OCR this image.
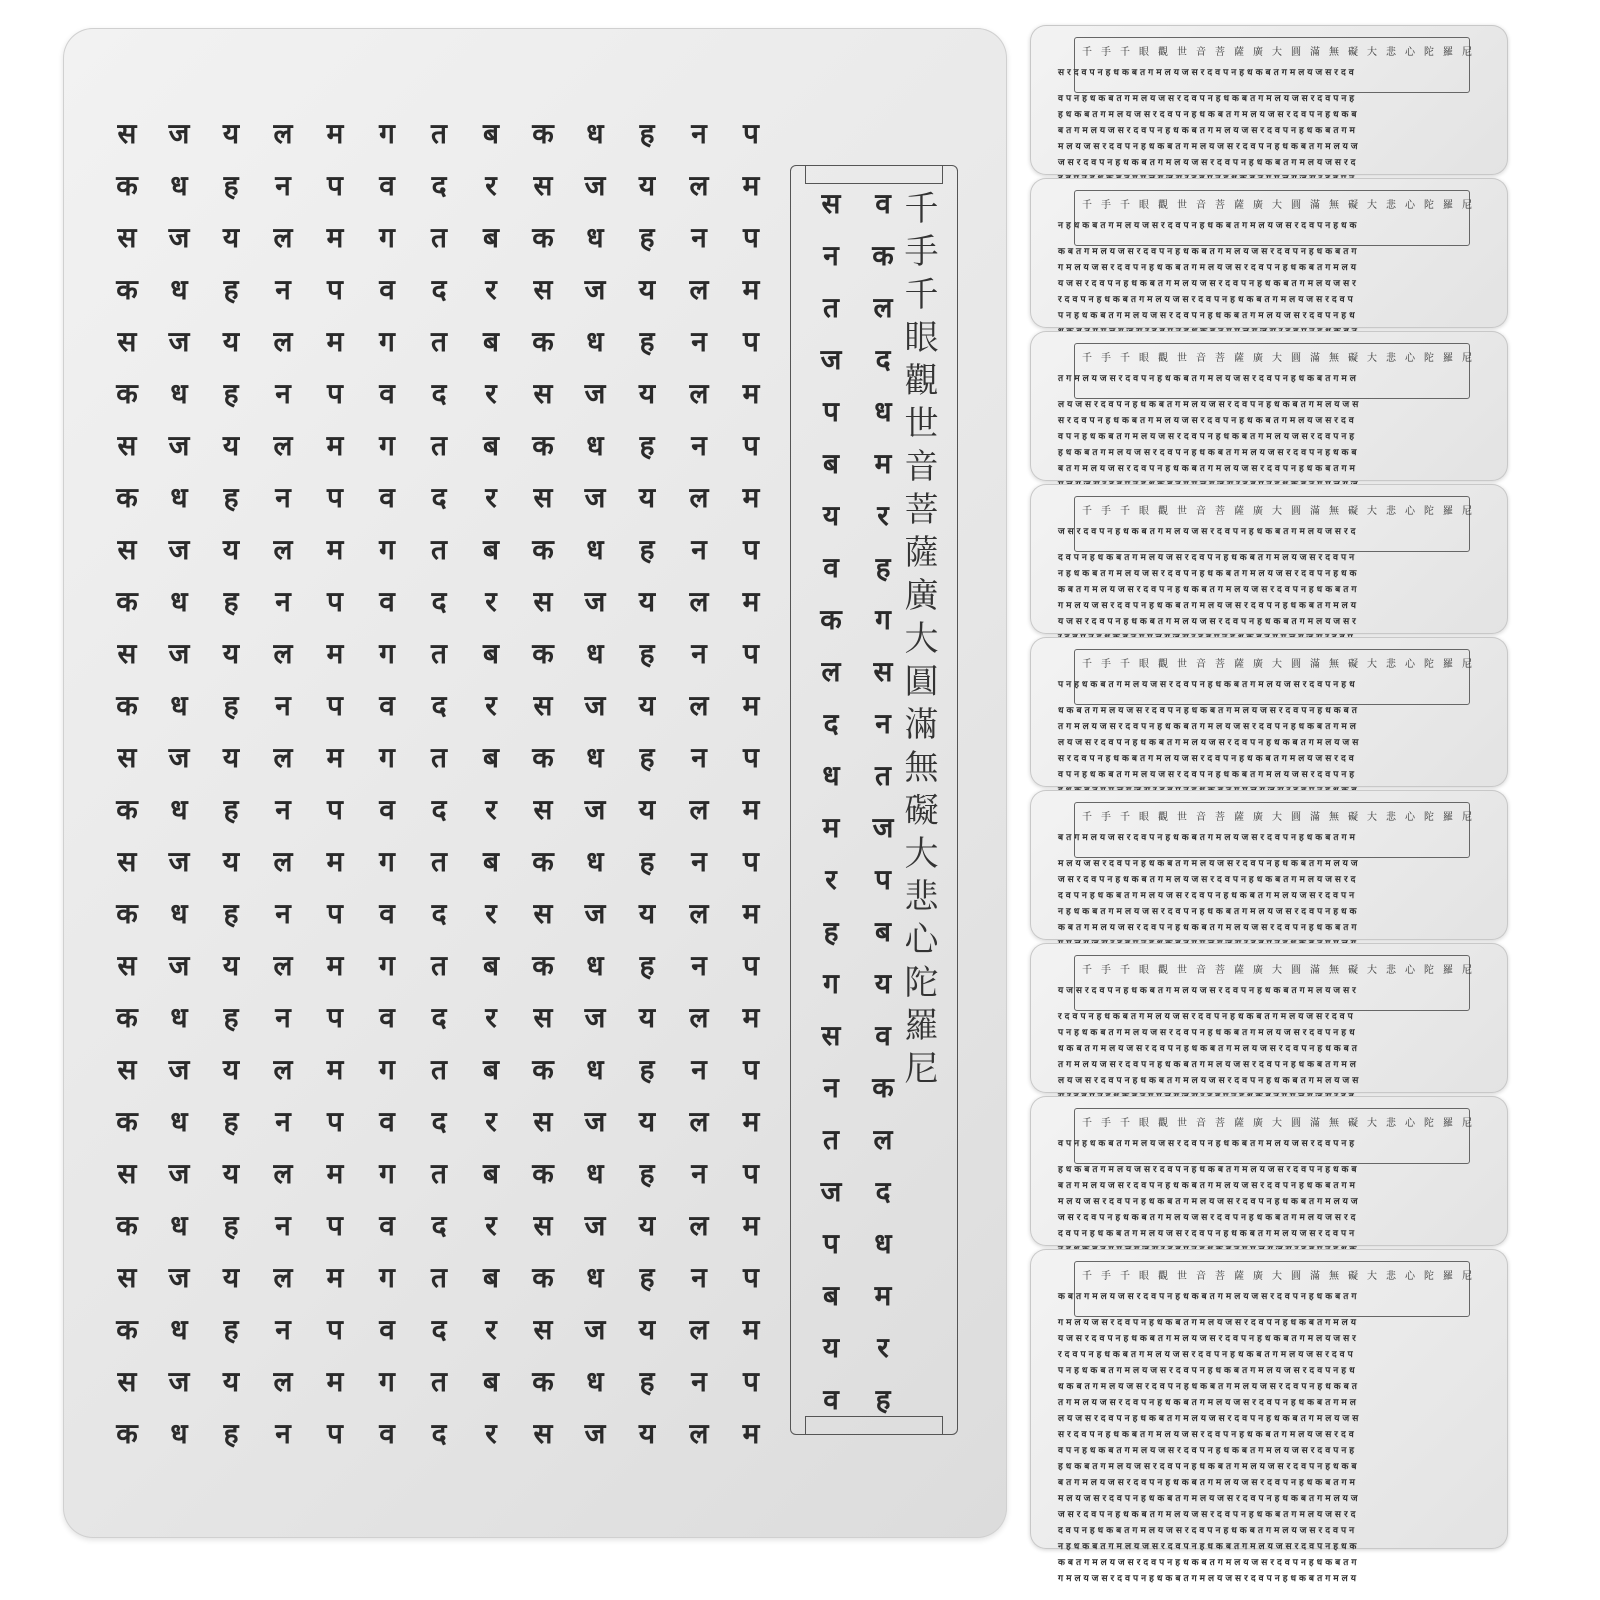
स
क
स
क
स
क
स
क
स
क
स
क
स
क
स
क
स
क
स
क
स
क
स
क
स
क
ज
ध
ज
ध
ज
ध
ज
ध
ज
ध
ज
ध
ज
ध
ज
ध
ज
ध
ज
ध
ज
ध
ज
ध
ज
ध
य
ह
य
ह
य
ह
य
ह
य
ह
य
ह
य
ह
य
ह
य
ह
य
ह
य
ह
य
ह
य
ह
ल
न
ल
न
ल
न
ल
न
ल
न
ल
न
ल
न
ल
न
ल
न
ल
न
ल
न
ल
न
ल
न
म
प
म
प
म
प
म
प
म
प
म
प
म
प
म
प
म
प
म
प
म
प
म
प
म
प
ग
व
ग
व
ग
व
ग
व
ग
व
ग
व
ग
व
ग
व
ग
व
ग
व
ग
व
ग
व
ग
व
त
द
त
द
त
द
त
द
त
द
त
द
त
द
त
द
त
द
त
द
त
द
त
द
त
द
ब
र
ब
र
ब
र
ब
र
ब
र
ब
र
ब
र
ब
र
ब
र
ब
र
ब
र
ब
र
ब
र
क
स
क
स
क
स
क
स
क
स
क
स
क
स
क
स
क
स
क
स
क
स
क
स
क
स
ध
ज
ध
ज
ध
ज
ध
ज
ध
ज
ध
ज
ध
ज
ध
ज
ध
ज
ध
ज
ध
ज
ध
ज
ध
ज
ह
य
ह
य
ह
य
ह
य
ह
य
ह
य
ह
य
ह
य
ह
य
ह
य
ह
य
ह
य
ह
य
न
ल
न
ल
न
ल
न
ल
न
ल
न
ल
न
ल
न
ल
न
ल
न
ल
न
ल
न
ल
न
ल
प
म
प
म
प
म
प
म
प
म
प
म
प
म
प
म
प
म
प
म
प
म
प
म
प
म
स
न
त
ज
प
ब
य
व
क
ल
द
ध
म
र
ह
ग
स
न
त
ज
प
ब
य
व
व
क
ल
द
ध
म
र
ह
ग
स
न
त
ज
प
ब
य
व
क
ल
द
ध
म
र
ह
千手千眼觀世音菩薩廣大圓滿無礙大悲心陀羅尼
千手千眼觀世音菩薩廣大圓滿無礙大悲心陀羅尼
सरदवपनहधकबतगमलयजसरदवपनहधकबतगमलयजसरदव
वपनहधकबतगमलयजसरदवपनहधकबतगमलयजसरदवपनह
हधकबतगमलयजसरदवपनहधकबतगमलयजसरदवपनहधकब
बतगमलयजसरदवपनहधकबतगमलयजसरदवपनहधकबतगम
मलयजसरदवपनहधकबतगमलयजसरदवपनहधकबतगमलयज
जसरदवपनहधकबतगमलयजसरदवपनहधकबतगमलयजसरद
千手千眼觀世音菩薩廣大圓滿無礙大悲心陀羅尼
नहधकबतगमलयजसरदवपनहधकबतगमलयजसरदवपनहधक
कबतगमलयजसरदवपनहधकबतगमलयजसरदवपनहधकबतग
गमलयजसरदवपनहधकबतगमलयजसरदवपनहधकबतगमलय
यजसरदवपनहधकबतगमलयजसरदवपनहधकबतगमलयजसर
रदवपनहधकबतगमलयजसरदवपनहधकबतगमलयजसरदवप
पनहधकबतगमलयजसरदवपनहधकबतगमलयजसरदवपनहध
千手千眼觀世音菩薩廣大圓滿無礙大悲心陀羅尼
तगमलयजसरदवपनहधकबतगमलयजसरदवपनहधकबतगमल
लयजसरदवपनहधकबतगमलयजसरदवपनहधकबतगमलयजस
सरदवपनहधकबतगमलयजसरदवपनहधकबतगमलयजसरदव
वपनहधकबतगमलयजसरदवपनहधकबतगमलयजसरदवपनह
हधकबतगमलयजसरदवपनहधकबतगमलयजसरदवपनहधकब
बतगमलयजसरदवपनहधकबतगमलयजसरदवपनहधकबतगम
千手千眼觀世音菩薩廣大圓滿無礙大悲心陀羅尼
जसरदवपनहधकबतगमलयजसरदवपनहधकबतगमलयजसरद
दवपनहधकबतगमलयजसरदवपनहधकबतगमलयजसरदवपन
नहधकबतगमलयजसरदवपनहधकबतगमलयजसरदवपनहधक
कबतगमलयजसरदवपनहधकबतगमलयजसरदवपनहधकबतग
गमलयजसरदवपनहधकबतगमलयजसरदवपनहधकबतगमलय
यजसरदवपनहधकबतगमलयजसरदवपनहधकबतगमलयजसर
千手千眼觀世音菩薩廣大圓滿無礙大悲心陀羅尼
पनहधकबतगमलयजसरदवपनहधकबतगमलयजसरदवपनहध
धकबतगमलयजसरदवपनहधकबतगमलयजसरदवपनहधकबत
तगमलयजसरदवपनहधकबतगमलयजसरदवपनहधकबतगमल
लयजसरदवपनहधकबतगमलयजसरदवपनहधकबतगमलयजस
सरदवपनहधकबतगमलयजसरदवपनहधकबतगमलयजसरदव
वपनहधकबतगमलयजसरदवपनहधकबतगमलयजसरदवपनह
千手千眼觀世音菩薩廣大圓滿無礙大悲心陀羅尼
बतगमलयजसरदवपनहधकबतगमलयजसरदवपनहधकबतगम
मलयजसरदवपनहधकबतगमलयजसरदवपनहधकबतगमलयज
जसरदवपनहधकबतगमलयजसरदवपनहधकबतगमलयजसरद
दवपनहधकबतगमलयजसरदवपनहधकबतगमलयजसरदवपन
नहधकबतगमलयजसरदवपनहधकबतगमलयजसरदवपनहधक
कबतगमलयजसरदवपनहधकबतगमलयजसरदवपनहधकबतग
千手千眼觀世音菩薩廣大圓滿無礙大悲心陀羅尼
यजसरदवपनहधकबतगमलयजसरदवपनहधकबतगमलयजसर
रदवपनहधकबतगमलयजसरदवपनहधकबतगमलयजसरदवप
पनहधकबतगमलयजसरदवपनहधकबतगमलयजसरदवपनहध
धकबतगमलयजसरदवपनहधकबतगमलयजसरदवपनहधकबत
तगमलयजसरदवपनहधकबतगमलयजसरदवपनहधकबतगमल
लयजसरदवपनहधकबतगमलयजसरदवपनहधकबतगमलयजस
千手千眼觀世音菩薩廣大圓滿無礙大悲心陀羅尼
वपनहधकबतगमलयजसरदवपनहधकबतगमलयजसरदवपनह
हधकबतगमलयजसरदवपनहधकबतगमलयजसरदवपनहधकब
बतगमलयजसरदवपनहधकबतगमलयजसरदवपनहधकबतगम
मलयजसरदवपनहधकबतगमलयजसरदवपनहधकबतगमलयज
जसरदवपनहधकबतगमलयजसरदवपनहधकबतगमलयजसरद
दवपनहधकबतगमलयजसरदवपनहधकबतगमलयजसरदवपन
千手千眼觀世音菩薩廣大圓滿無礙大悲心陀羅尼
कबतगमलयजसरदवपनहधकबतगमलयजसरदवपनहधकबतग
गमलयजसरदवपनहधकबतगमलयजसरदवपनहधकबतगमलय
यजसरदवपनहधकबतगमलयजसरदवपनहधकबतगमलयजसर
रदवपनहधकबतगमलयजसरदवपनहधकबतगमलयजसरदवप
पनहधकबतगमलयजसरदवपनहधकबतगमलयजसरदवपनहध
धकबतगमलयजसरदवपनहधकबतगमलयजसरदवपनहधकबत
तगमलयजसरदवपनहधकबतगमलयजसरदवपनहधकबतगमल
लयजसरदवपनहधकबतगमलयजसरदवपनहधकबतगमलयजस
सरदवपनहधकबतगमलयजसरदवपनहधकबतगमलयजसरदव
वपनहधकबतगमलयजसरदवपनहधकबतगमलयजसरदवपनह
हधकबतगमलयजसरदवपनहधकबतगमलयजसरदवपनहधकब
बतगमलयजसरदवपनहधकबतगमलयजसरदवपनहधकबतगम
मलयजसरदवपनहधकबतगमलयजसरदवपनहधकबतगमलयज
जसरदवपनहधकबतगमलयजसरदवपनहधकबतगमलयजसरद
दवपनहधकबतगमलयजसरदवपनहधकबतगमलयजसरदवपन
नहधकबतगमलयजसरदवपनहधकबतगमलयजसरदवपनहधक
कबतगमलयजसरदवपनहधकबतगमलयजसरदवपनहधकबतग
गमलयजसरदवपनहधकबतगमलयजसरदवपनहधकबतगमलय
